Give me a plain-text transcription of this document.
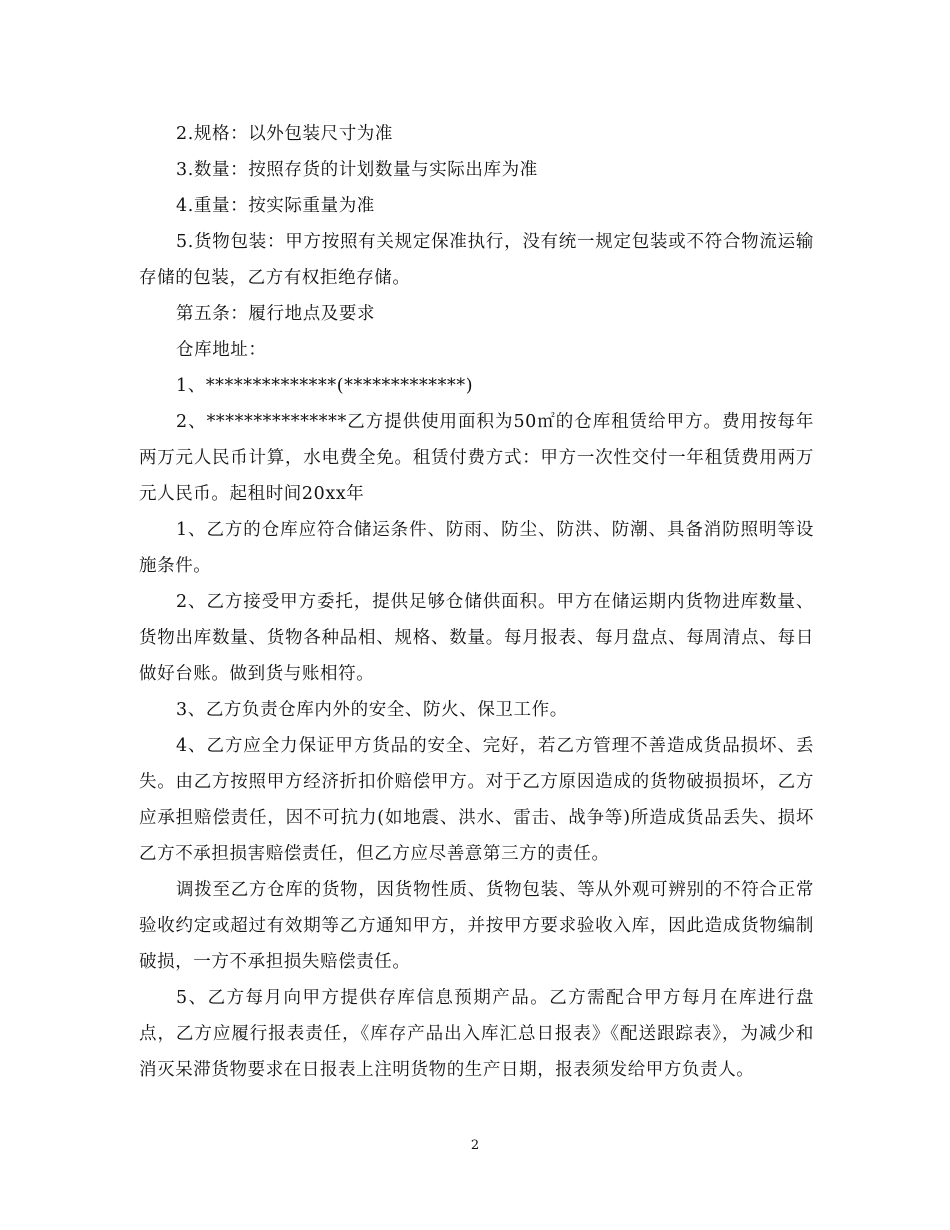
2.规格：以外包装尺寸为准

3.数量：按照存货的计划数量与实际出库为准

4.重量：按实际重量为准

5.货物包装：甲方按照有关规定保准执行，没有统一规定包装或不符合物流运输存储的包装，乙方有权拒绝存储。

第五条：履行地点及要求

仓库地址：

1、**************(*************)

2、***************乙方提供使用面积为50㎡的仓库租赁给甲方。费用按每年两万元人民币计算，水电费全免。租赁付费方式：甲方一次性交付一年租赁费用两万元人民币。起租时间20xx年

1、乙方的仓库应符合储运条件、防雨、防尘、防洪、防潮、具备消防照明等设施条件。

2、乙方接受甲方委托，提供足够仓储供面积。甲方在储运期内货物进库数量、货物出库数量、货物各种品相、规格、数量。每月报表、每月盘点、每周清点、每日做好台账。做到货与账相符。

3、乙方负责仓库内外的安全、防火、保卫工作。

4、乙方应全力保证甲方货品的安全、完好，若乙方管理不善造成货品损坏、丢失。由乙方按照甲方经济折扣价赔偿甲方。对于乙方原因造成的货物破损损坏，乙方应承担赔偿责任，因不可抗力(如地震、洪水、雷击、战争等)所造成货品丢失、损坏乙方不承担损害赔偿责任，但乙方应尽善意第三方的责任。

调拨至乙方仓库的货物，因货物性质、货物包装、等从外观可辨别的不符合正常验收约定或超过有效期等乙方通知甲方，并按甲方要求验收入库，因此造成货物编制破损，一方不承担损失赔偿责任。

5、乙方每月向甲方提供存库信息预期产品。乙方需配合甲方每月在库进行盘点，乙方应履行报表责任，《库存产品出入库汇总日报表》《配送跟踪表》，为减少和消灭呆滞货物要求在日报表上注明货物的生产日期，报表须发给甲方负责人。

2
